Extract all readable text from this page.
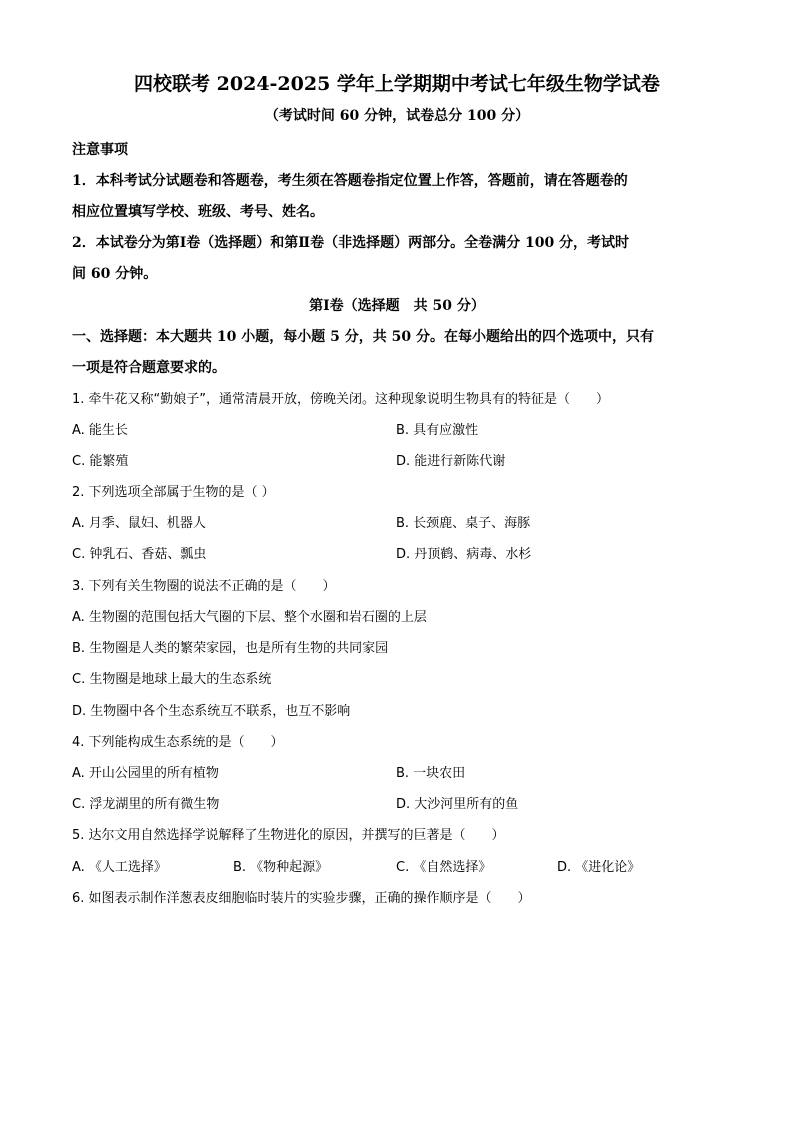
四校联考 2024-2025 学年上学期期中考试七年级生物学试卷
（考试时间 60 分钟，试卷总分 100 分）
注意事项
1．本科考试分试题卷和答题卷，考生须在答题卷指定位置上作答，答题前，请在答题卷的
相应位置填写学校、班级、考号、姓名。
2．本试卷分为第Ⅰ卷（选择题）和第Ⅱ卷（非选择题）两部分。全卷满分 100 分，考试时
间 60 分钟。
第Ⅰ卷（选择题　共 50 分）
一、选择题：本大题共 10 小题，每小题 5 分，共 50 分。在每小题给出的四个选项中，只有
一项是符合题意要求的。
1. 牵牛花又称“勤娘子”，通常清晨开放，傍晚关闭。这种现象说明生物具有的特征是（　　）
A. 能生长	B. 具有应激性
C. 能繁殖	D. 能进行新陈代谢
2. 下列选项全部属于生物的是（ ）
A. 月季、鼠妇、机器人	B. 长颈鹿、桌子、海豚
C. 钟乳石、香菇、瓢虫	D. 丹顶鹤、病毒、水杉
3. 下列有关生物圈的说法不正确的是（　　）
A. 生物圈的范围包括大气圈的下层、整个水圈和岩石圈的上层
B. 生物圈是人类的繁荣家园，也是所有生物的共同家园
C. 生物圈是地球上最大的生态系统
D. 生物圈中各个生态系统互不联系，也互不影响
4. 下列能构成生态系统的是（　　）
A. 开山公园里的所有植物	B. 一块农田
C. 浮龙湖里的所有微生物	D. 大沙河里所有的鱼
5. 达尔文用自然选择学说解释了生物进化的原因，并撰写的巨著是（　　）
A. 《人工选择》	B. 《物种起源》	C. 《自然选择》	D. 《进化论》
6. 如图表示制作洋葱表皮细胞临时装片的实验步骤，正确的操作顺序是（　　）
